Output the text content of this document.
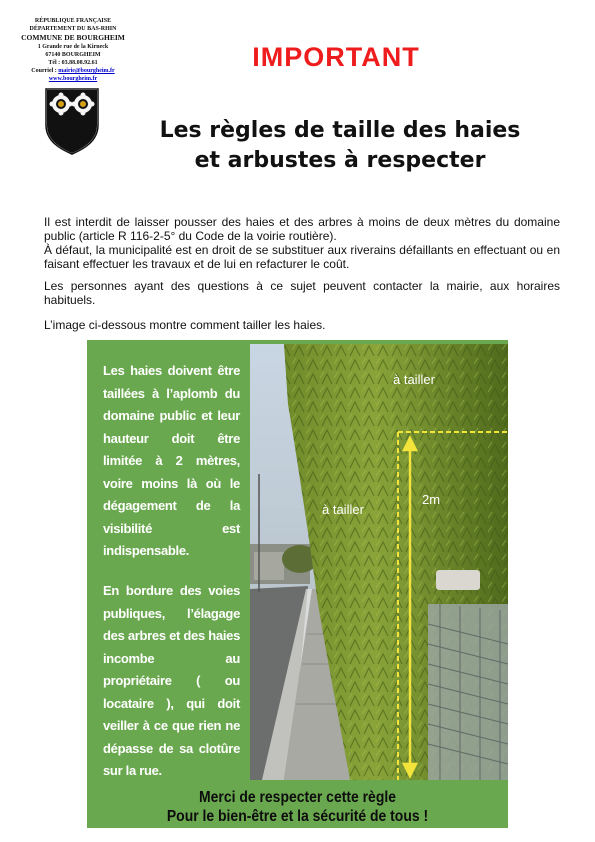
RÉPUBLIQUE FRANÇAISE
DÉPARTEMENT DU BAS-RHIN
COMMUNE DE BOURGHEIM
1 Grande rue de la Kirneck
67140 BOURGHEIM
Tél : 03.88.08.92.61
Courriel : mairie@bourgheim.fr
www.bourgheim.fr
IMPORTANT
Les règles de taille des haies
et arbustes à respecter
Il est interdit de laisser pousser des haies et des arbres à moins de deux mètres du domaine public (article R 116-2-5° du Code de la voirie routière).
À défaut, la municipalité est en droit de se substituer aux riverains défaillants en effectuant ou en faisant effectuer les travaux et de lui en refacturer le coût.
Les personnes ayant des questions à ce sujet peuvent contacter la mairie, aux horaires habituels.
L’image ci-dessous montre comment tailler les haies.
Les haies doivent être taillées à l’aplomb du domaine public et leur hauteur doit être limitée à 2 mètres, voire moins là où le dégagement de la visibilité est indispensable.
En bordure des voies publiques, l’élagage des arbres et des haies incombe au propriétaire ( ou locataire ), qui doit veiller à ce que rien ne dépasse de sa clotûre sur la rue.
à tailler
à tailler
2m
Merci de respecter cette règle
Pour le bien-être et la sécurité de tous !
